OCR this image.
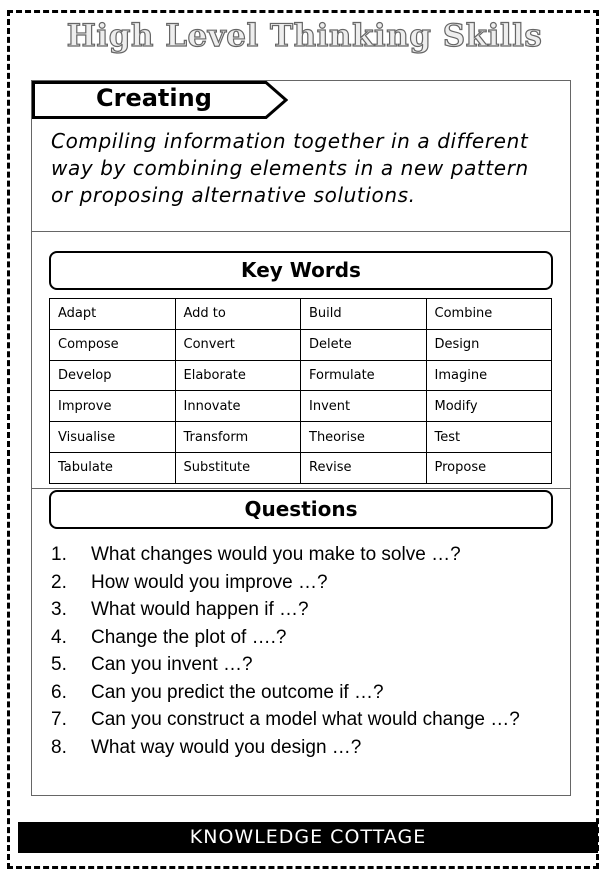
High Level Thinking Skills
Creating
Compiling information together in a different way by combining elements in a new pattern or proposing alternative solutions.
Key Words
Adapt	Add to	Build	Combine
Compose	Convert	Delete	Design
Develop	Elaborate	Formulate	Imagine
Improve	Innovate	Invent	Modify
Visualise	Transform	Theorise	Test
Tabulate	Substitute	Revise	Propose
Questions
1.	What changes would you make to solve …?
2.	How would you improve …?
3.	What would happen if …?
4.	Change the plot of ….?
5.	Can you invent …?
6.	Can you predict the outcome if …?
7.	Can you construct a model what would change …?
8.	What way would you design …?
KNOWLEDGE COTTAGE
